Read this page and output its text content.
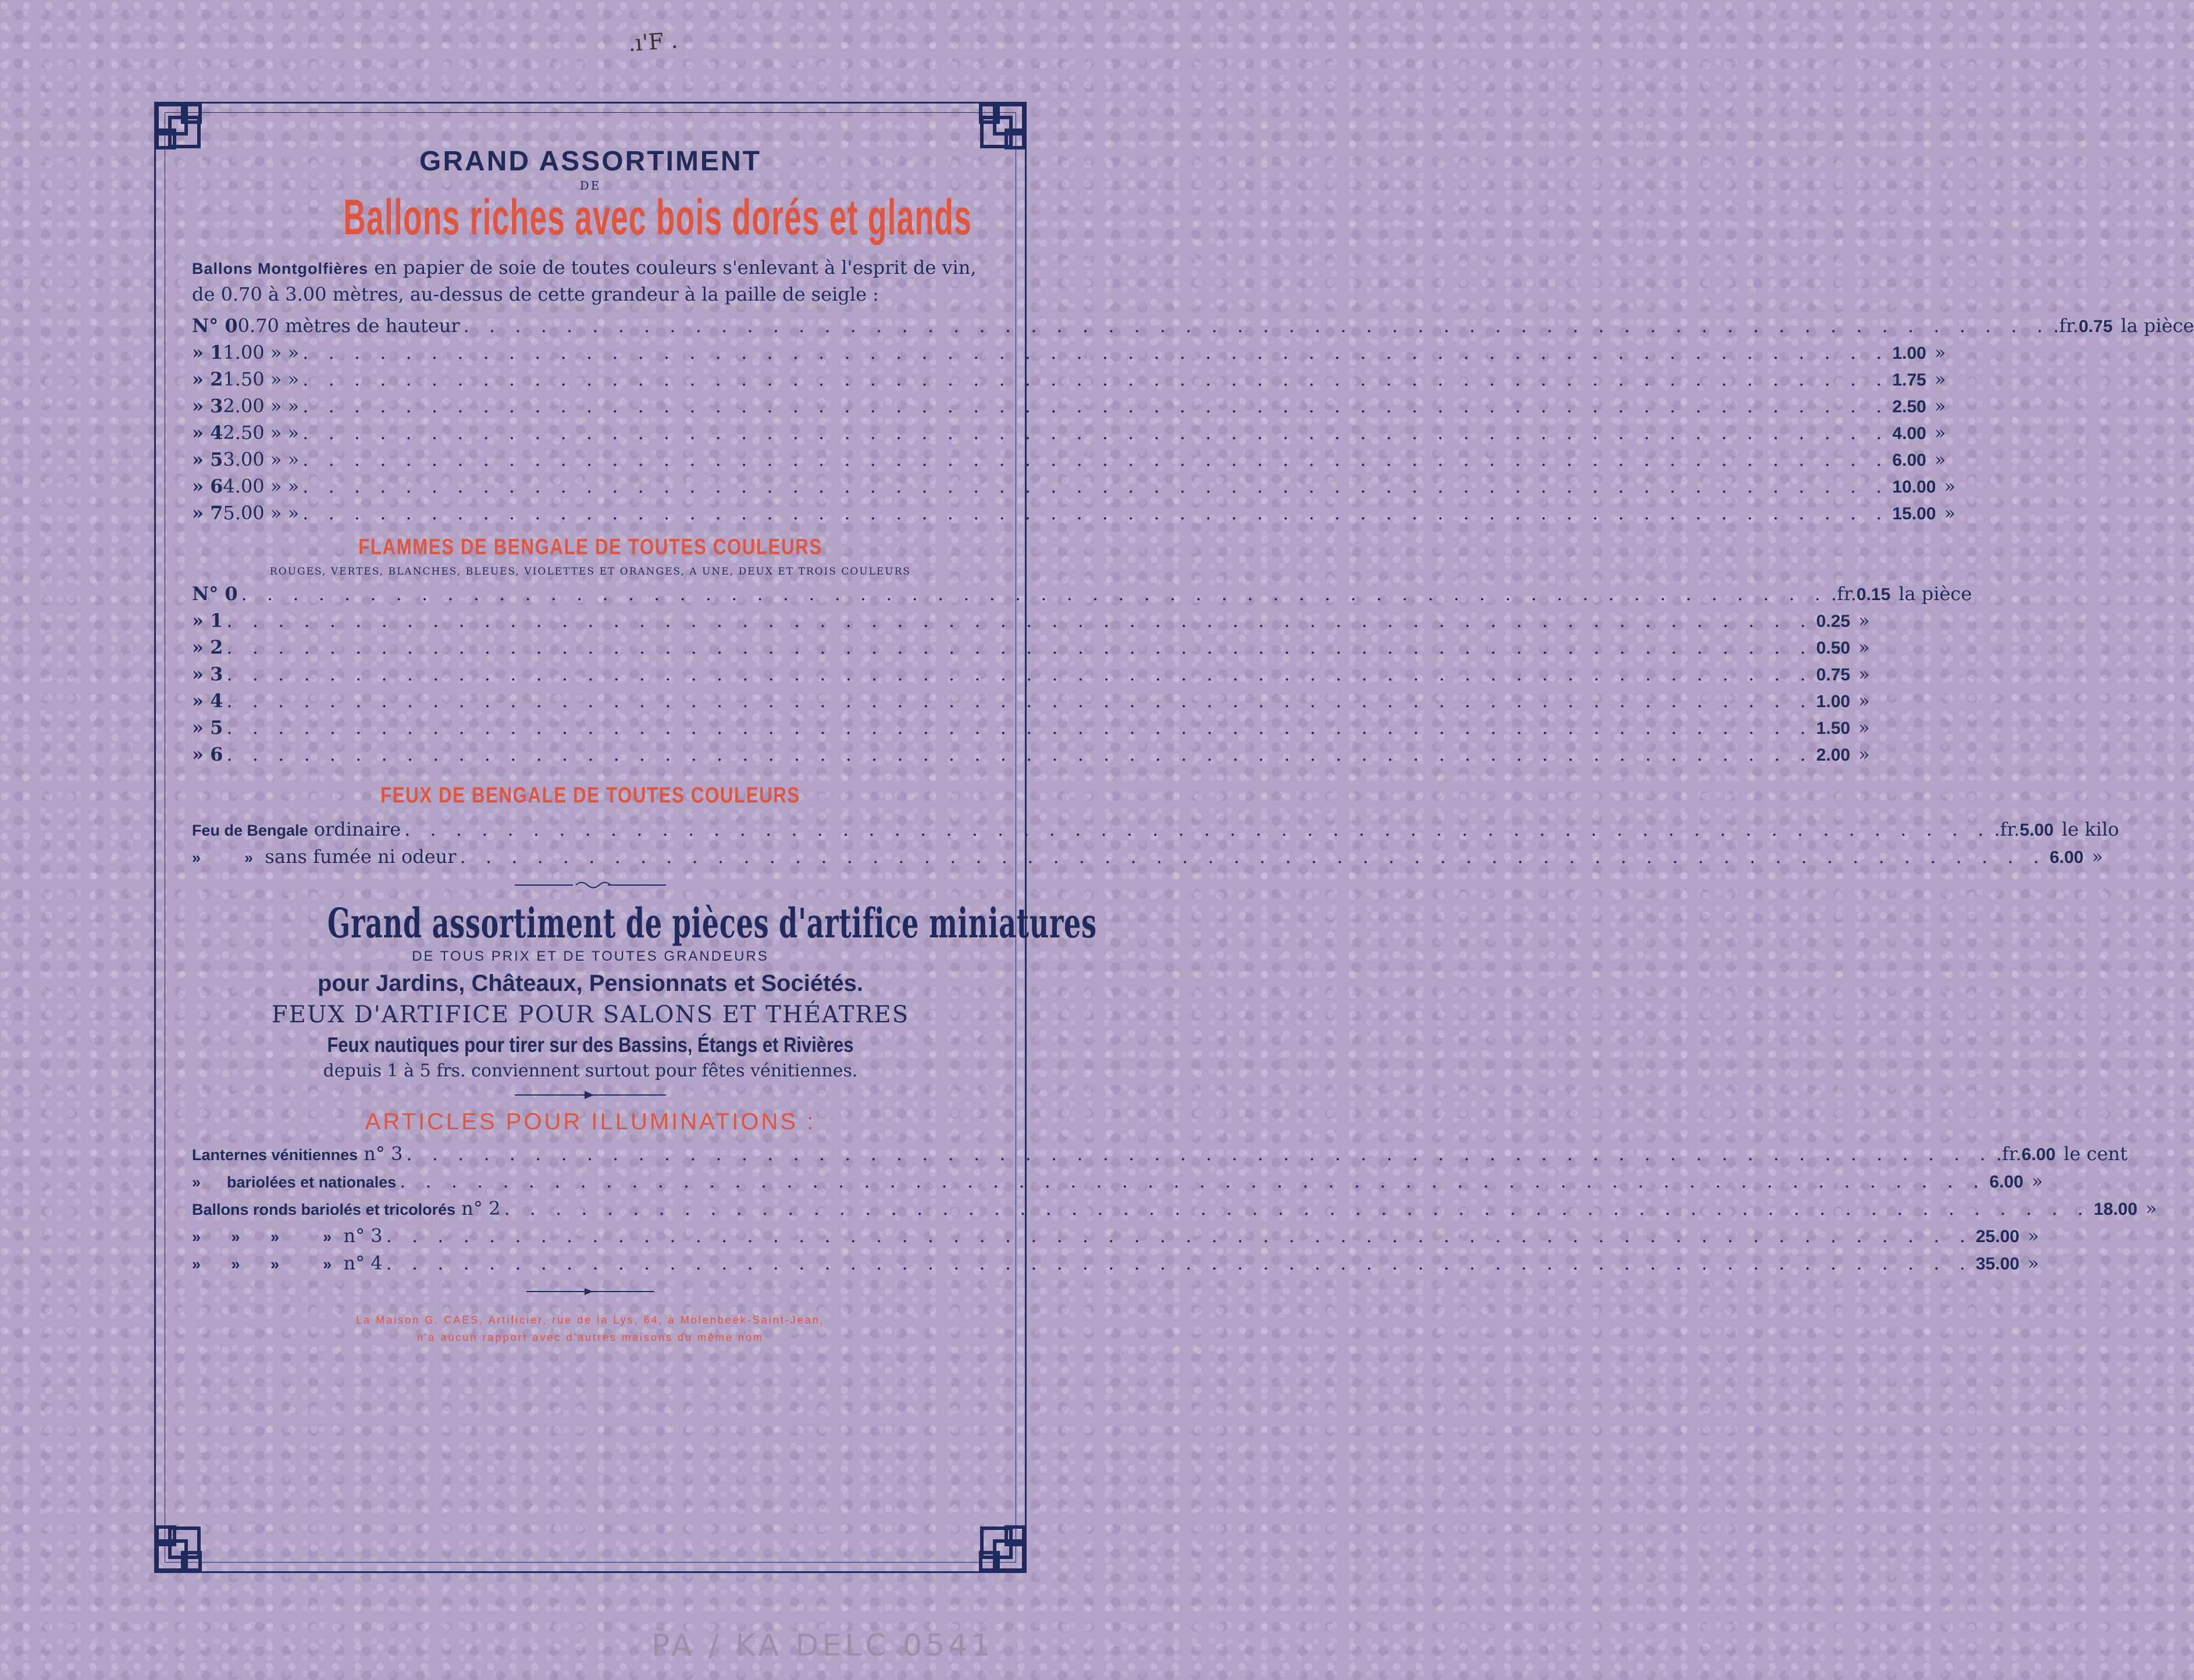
.ı'F .
GRAND ASSORTIMENT
DE
Ballons riches avec bois dorés et glands
Ballons Montgolfières en papier de soie de toutes couleurs s'enlevant à l'esprit de vin, de 0.70 à 3.00 mètres, au-dessus de cette grandeur à la paille de seigle :
N° 0 0.70 mètres de hauteur . . . . . . . . . . . . . . . . . . . . . . . . . . . . . . . . . . . . . . . . . . . . . . . . . . . . . . . . . . . . . . .fr. 0.75 la pièce
» 1 1.00 » » . . . . . . . . . . . . . . . . . . . . . . . . . . . . . . . . . . . . . . . . . . . . . . . . . . . . . . . . . . . . . . 1.00 »
» 2 1.50 » » . . . . . . . . . . . . . . . . . . . . . . . . . . . . . . . . . . . . . . . . . . . . . . . . . . . . . . . . . . . . . . 1.75 »
» 3 2.00 » » . . . . . . . . . . . . . . . . . . . . . . . . . . . . . . . . . . . . . . . . . . . . . . . . . . . . . . . . . . . . . . 2.50 »
» 4 2.50 » » . . . . . . . . . . . . . . . . . . . . . . . . . . . . . . . . . . . . . . . . . . . . . . . . . . . . . . . . . . . . . . 4.00 »
» 5 3.00 » » . . . . . . . . . . . . . . . . . . . . . . . . . . . . . . . . . . . . . . . . . . . . . . . . . . . . . . . . . . . . . . 6.00 »
» 6 4.00 » » . . . . . . . . . . . . . . . . . . . . . . . . . . . . . . . . . . . . . . . . . . . . . . . . . . . . . . . . . . . . . . 10.00 »
» 7 5.00 » » . . . . . . . . . . . . . . . . . . . . . . . . . . . . . . . . . . . . . . . . . . . . . . . . . . . . . . . . . . . . . . 15.00 »
FLAMMES DE BENGALE DE TOUTES COULEURS
ROUGES, VERTES, BLANCHES, BLEUES, VIOLETTES ET ORANGES, A UNE, DEUX ET TROIS COULEURS
N° 0 . . . . . . . . . . . . . . . . . . . . . . . . . . . . . . . . . . . . . . . . . . . . . . . . . . . . . . . . . . . . . . .fr. 0.15 la pièce
» 1 . . . . . . . . . . . . . . . . . . . . . . . . . . . . . . . . . . . . . . . . . . . . . . . . . . . . . . . . . . . . . . 0.25 »
» 2 . . . . . . . . . . . . . . . . . . . . . . . . . . . . . . . . . . . . . . . . . . . . . . . . . . . . . . . . . . . . . . 0.50 »
» 3 . . . . . . . . . . . . . . . . . . . . . . . . . . . . . . . . . . . . . . . . . . . . . . . . . . . . . . . . . . . . . . 0.75 »
» 4 . . . . . . . . . . . . . . . . . . . . . . . . . . . . . . . . . . . . . . . . . . . . . . . . . . . . . . . . . . . . . . 1.00 »
» 5 . . . . . . . . . . . . . . . . . . . . . . . . . . . . . . . . . . . . . . . . . . . . . . . . . . . . . . . . . . . . . . 1.50 »
» 6 . . . . . . . . . . . . . . . . . . . . . . . . . . . . . . . . . . . . . . . . . . . . . . . . . . . . . . . . . . . . . . 2.00 »
FEUX DE BENGALE DE TOUTES COULEURS
Feu de Bengale ordinaire . . . . . . . . . . . . . . . . . . . . . . . . . . . . . . . . . . . . . . . . . . . . . . . . . . . . . . . . . . . . . . .fr. 5.00 le kilo
»          » sans fumée ni odeur . . . . . . . . . . . . . . . . . . . . . . . . . . . . . . . . . . . . . . . . . . . . . . . . . . . . . . . . . . . . . . 6.00 »
Grand assortiment de pièces d'artifice miniatures
DE TOUS PRIX ET DE TOUTES GRANDEURS
pour Jardins, Châteaux, Pensionnats et Sociétés.
FEUX D'ARTIFICE POUR SALONS ET THÉATRES
Feux nautiques pour tirer sur des Bassins, Étangs et Rivières
depuis 1 à 5 frs. conviennent surtout pour fêtes vénitiennes.
ARTICLES POUR ILLUMINATIONS :
Lanternes vénitiennes n° 3 . . . . . . . . . . . . . . . . . . . . . . . . . . . . . . . . . . . . . . . . . . . . . . . . . . . . . . . . . . . . . . .fr. 6.00 le cent
»      bariolées et nationales . . . . . . . . . . . . . . . . . . . . . . . . . . . . . . . . . . . . . . . . . . . . . . . . . . . . . . . . . . . . . . 6.00 »
Ballons ronds bariolés et tricolorés n° 2 . . . . . . . . . . . . . . . . . . . . . . . . . . . . . . . . . . . . . . . . . . . . . . . . . . . . . . . . . . . . . . 18.00 »
»       »       »          » n° 3 . . . . . . . . . . . . . . . . . . . . . . . . . . . . . . . . . . . . . . . . . . . . . . . . . . . . . . . . . . . . . . 25.00 »
»       »       »          » n° 4 . . . . . . . . . . . . . . . . . . . . . . . . . . . . . . . . . . . . . . . . . . . . . . . . . . . . . . . . . . . . . . 35.00 »
La Maison G. CAES, Artificier, rue de la Lys, 64, à Molenbeek-Saint-Jean,
n'a aucun rapport avec d'autres maisons du même nom
PA / KA DELC 0541
